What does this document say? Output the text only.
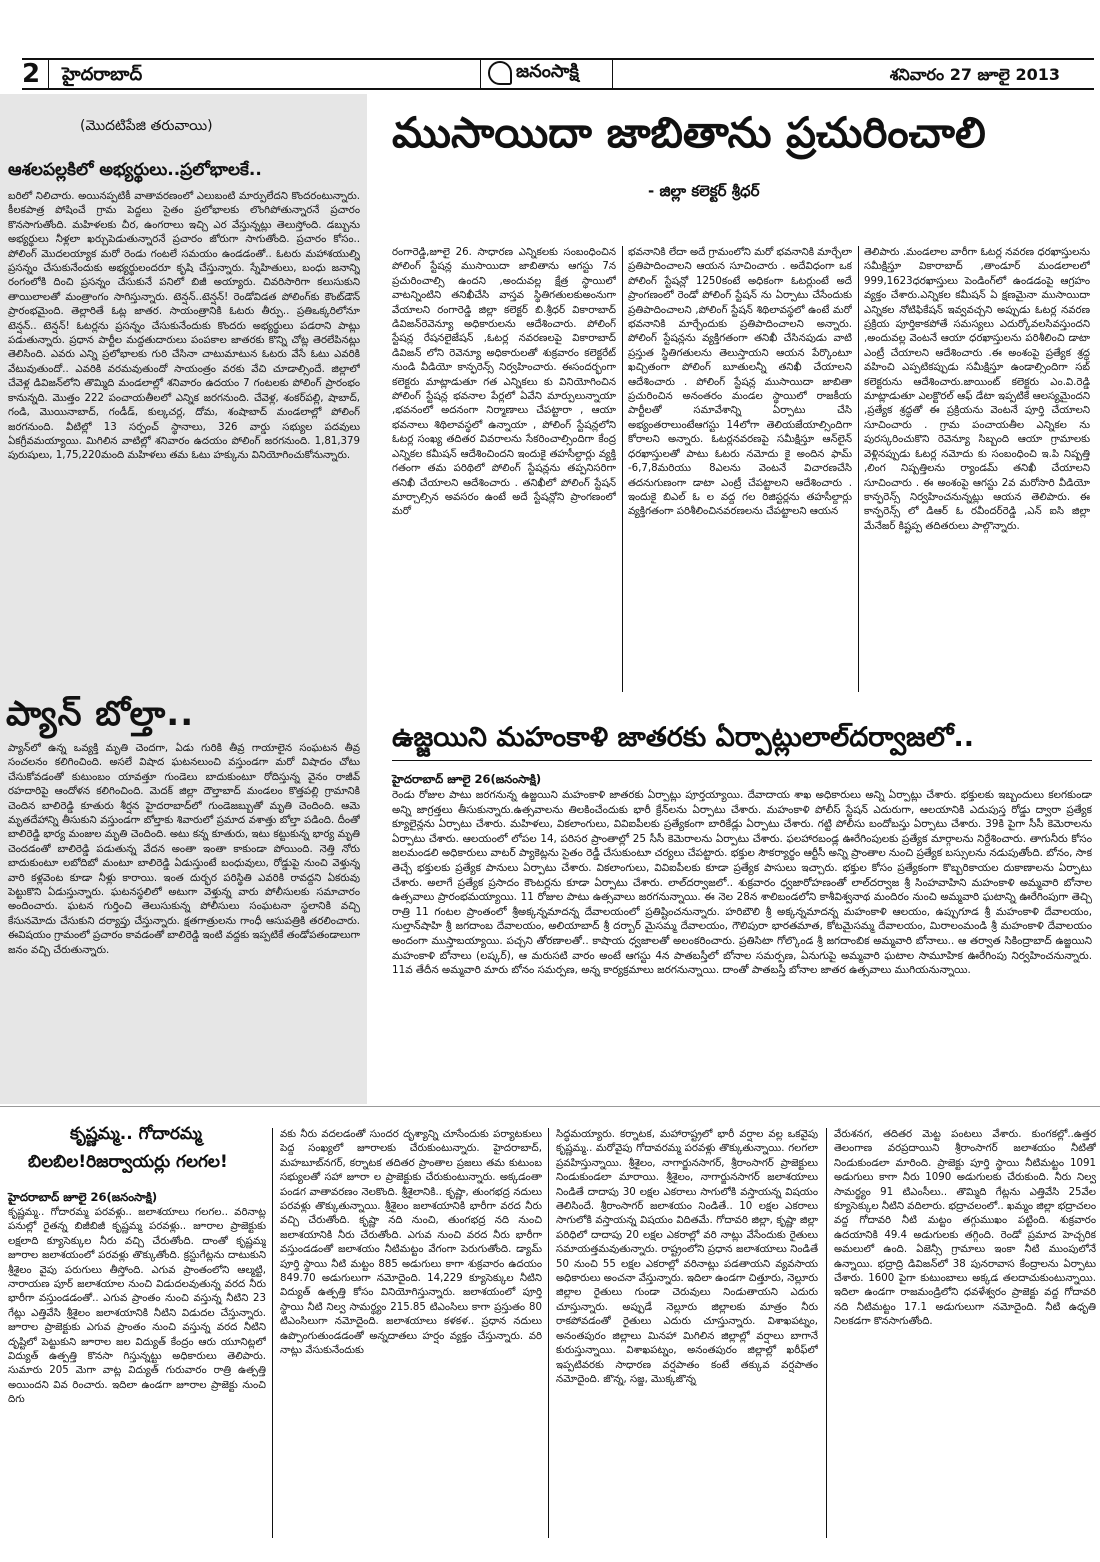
2	హైదరాబాద్	జనంసాక్షి	శనివారం 27 జూలై 2013
(మొదటిపేజి తరువాయి)
ఆశలపల్లకిలో అభ్యర్థులు..ప్రలోభాలకే..
బరిలో నిలిచారు. అయినప్పటికీ వాతావరణంలో ఎలుబంటి మార్పులేదని కొందరంటున్నారు. కీలకపాత్ర పోషించే గ్రామ పెద్దలు సైతం ప్రలోభాలకు లొంగిపోతున్నారనే ప్రచారం కొనసాగుతోంది. మహిళలకు చీర, ఉంగరాలు ఇచ్చి ఎర వేస్తున్నట్లు తెలుస్తోంది. డబ్బును అభ్యర్థులు నీళ్లలా ఖర్చుపెడుతున్నారనే ప్రచారం జోరుగా సాగుతోంది. ప్రచారం కోసం.. పోలింగ్ మొదలయ్యాక మరో రెండు గంటలే సమయం ఉండడంతో.. ఓటరు మహాశయుల్ని ప్రసన్నం చేసుకునేందుకు అభ్యర్థులందరూ కృషి చేస్తున్నారు. స్నేహితులు, బంధు జనాన్ని రంగంలోకి దించి ప్రసన్నం చేసుకునే పనిలో బిజీ అయ్యారు. చివరిసారిగా కలుసుకుని తాయిలాలతో మంత్రాంగం సాగిస్తున్నారు. టెన్షన్..టెన్షన్! రెండోవిడత పోలింగ్‌కు కౌంట్‌డౌన్ ప్రారంభమైంది. తెల్లారితే ఓట్ల జాతర. సాయంత్రానికి ఓటరు తీర్పు.. ప్రతిఒక్కరిలోనూ టెన్షన్.. టెన్షన్! ఓటర్లను ప్రసన్నం చేసుకునేందుకు కొందరు అభ్యర్థులు పడరాని పాట్లు పడుతున్నారు. ప్రధాన పార్టీల మద్దతుదారులు పంపకాల జాతరకు కొన్ని చోట్ల తెరలేపినట్లు తెలిసింది. ఎవరు ఎన్ని ప్రలోభాలకు గురి చేసినా చాటుమాటున ఓటరు వేసే ఓటు ఎవరికి వేటువుతుందో.. ఎవరికి వరమవుతుందో సాయంత్రం వరకు వేచి చూడాల్సిందే. జిల్లాలో చేవెళ్ల డివిజన్‌లోని తొమ్మిది మండలాల్లో శనివారం ఉదయం 7 గంటలకు పోలింగ్ ప్రారంభం కానున్నది. మొత్తం 222 పంచాయతీలలో ఎన్నిక జరగనుంది. చేవెళ్ల, శంకర్‌పల్లి, షాబాద్, గండి, మొయినాబాద్, గండీడ్, కుల్కచర్ల, దోమ, శంషాబాద్ మండలాల్లో పోలింగ్ జరగనుంది. వీటిల్లో 13 సర్పంచ్ స్థానాలు, 326 వార్డు సభ్యుల పదవులు ఏకగ్రీవమయ్యాయి. మిగిలిన వాటిల్లో శనివారం ఉదయం పోలింగ్ జరగనుంది. 1,81,379 పురుషులు, 1,75,220మంది మహిళలు తమ ఓటు హక్కును వినియోగించుకోనున్నారు.
ప్యాన్ బోల్తా..
ప్యాన్‌లో ఉన్న ఒవ్యక్తి మృతి చెందగా, ఏడు గురికి తీవ్ర గాయాలైన సంఘటన తీవ్ర సంచలనం కలిగించింది. అసలే విషాద ఘటనలుంచి వస్తుండగా మరో విషాదం చోటు చేసుకోవడంతో కుటుంబం యావత్తూ గుండెలు బాదుకుంటూ రోదిస్తున్న వైనం రాజీవ్ రహదారిపై ఆందోళన కలిగించింది. మెదక్ జిల్లా దౌల్తాబాద్ మండలం కొత్తపల్లి గ్రామానికి చెందిన బాలిరెడ్డి కూతురు శీర్షన హైదరాబాద్‌లో గుండెజబ్బుతో మృతి చెందింది. ఆమె మృతదేహాన్ని తీసుకుని వస్తుండగా బోల్తాకు శివారులో ప్రమాద వశాత్తు బోల్తా పడింది. దీంతో బాలిరెడ్డి భార్య మంజుల మృతి చెందింది. అటు కన్న కూతురు, ఇటు కట్టుకున్న భార్య మృతి చెందడంతో బాలిరెడ్డి పడుతున్న వేదన అంతా ఇంతా కాకుండా పోయింది. నెత్తి నోరు బాదుకుంటూ లబోదిబో మంటూ బాలిరెడ్డి ఏడుస్తుంటే బంధువులు, రోడ్డుపై నుంచి వెళ్తున్న వారి కళ్లవెంట కూడా నీళ్లు కారాయి. ఇంత దుర్భర పరిస్థితి ఎవరికి రావద్దని ఏకరువు పెట్టుకొని ఏడుస్తున్నారు. ఘటనస్థలిలో అటుగా వెళ్తున్న వారు పోలీసులకు సమాచారం అందించారు. ఘటన గుర్తించి తెలుసుకున్న పోలీసులు సంఘటనా స్థలానికి వచ్చి కేసునమోదు చేసుకుని దర్యాప్తు చేస్తున్నారు. క్షతగాత్రులను గాంధీ ఆసుపత్రికి తరలించారు. ఈవిషయం గ్రామంలో ప్రచారం కావడంతో బాలిరెడ్డి ఇంటి వద్దకు ఇప్పటికే తండోపతండాలుగా జనం వచ్చి చేరుతున్నారు.
ముసాయిదా జాబితాను ప్రచురించాలి
- జిల్లా కలెక్టర్ శ్రీధర్
రంగారెడ్డి,జూలై 26. సాధారణ ఎన్నికలకు సంబంధించిన పోలింగ్ స్టేషన్ల ముసాయిదా జాబితాను ఆగస్టు 7న ప్రచురించాల్సి ఉందని ,అందువల్ల క్షేత్ర స్థాయిలో వాటన్నింటిని తనిఖీచేసి వాస్తవ స్థితిగతులకుఅంనుగా వేయాలని రంగారెడ్డి జిల్లా కలెక్టర్ బి.శ్రీధర్ వికారాబాద్ డివిజన్‌రెవెన్యూ అధికారులను ఆదేశించారు. పోలింగ్ స్టేషన్ల రేషనలైజేషన్ ,ఓటర్ల నవరణలపై వికారాబాద్ డివిజన్ లోని రెవెన్యూ అధికారులతో శుక్రవారం కలెక్టరేట్ నుండి వీడియో కాన్ఫరెన్స్ నిర్వహించారు. ఈసందర్భంగా కలెక్టరు మాట్లాడుతూ గత ఎన్నికలు కు వినియోగించిన పోలింగ్ స్టేషన్ల భవనాల పేర్లలో ఏవేని మార్పులున్నాయా ,భవనంలో అదనంగా నిర్మాణాలు చేపట్టారా , ఆయా భవనాలు శిథిలావస్థలో ఉన్నాయా , పోలింగ్ స్టేషన్లలోని ఓటర్ల సంఖ్య తదితర వివరాలను సేకరించాల్సిందిగా కేంద్ర ఎన్నికల కమీషన్ ఆదేశించిందని ఇందుకై తహసీల్దార్లు వ్యక్తి గతంగా తమ పరిథిలో పోలింగ్ స్టేషన్లను తప్పనిసరిగా తనిఖీ చేయాలని ఆదేశించారు . తనిఖీలో పోలింగ్ స్టేషన్ మార్చాల్సిన అవసరం ఉంటే అదే స్టేషన్లోని ప్రాంగణంలో మరో
భవనానికి లేదా అదే గ్రామంలోని మరో భవనానికి మార్చేలా ప్రతిపాదించాలని ఆయన సూచించారు . అదేవిధంగా ఒక పోలింగ్ స్టేషన్లో 1250కంటే అధికంగా ఓటర్లుంటే అదే ప్రాంగణంలో రెండో పోలింగ్ స్టేషన్ ను ఏర్పాటు చేసేందుకు ప్రతిపాదించాలని ,పోలింగ్ స్టేషన్ శిథిలావస్థలో ఉంటే మరో భవనానికి మార్చేందుకు ప్రతిపాదించాలని అన్నారు. పోలింగ్ స్టేషన్లను వ్యక్తిగతంగా తనిఖీ చేసినపుడు వాటి ప్రస్తుత స్థితిగతులను తెలుస్తాయని ఆయన పేర్కొంటూ ఖచ్చితంగా పోలింగ్ బూతులన్నీ తనిఖీ చేయాలని ఆదేశించారు . పోలింగ్ స్టేషన్ల ముసాయిదా జాబితా ప్రచురించిన అనంతరం మండల స్థాయిలో రాజకీయ పార్టీలతో సమావేశాన్ని ఏర్పాటు చేసి అభ్యంతరాలుంటేఆగస్టు 14లోగా తెలియజేయాల్సిందిగా కోరాలని అన్నారు. ఓటర్లనవరణపై సమీక్షిస్తూ ఆన్‌లైన్ ధరఖాస్తులతో పాటు ఓటరు నమోదు కై అందిన ఫామ్ -6,7,8మరియు 8ఎలను వెంటనే విచారణచేసి తదనుగుణంగా డాటా ఎంట్రీ చేపట్టాలని ఆదేశించారు . ఇందుకై బిఎల్ ఓ ల వద్ద గల రిజిస్టర్లను తహసీల్దార్లు వ్యక్తిగతంగా పరిశీలించినవరణలను చేపట్టాలని ఆయన
తెలిపారు .మండలాల వారీగా ఓటర్ల నవరణ ధరఖాస్తులను సమీక్షిస్తూ వికారాబాద్ ,తాండూర్ మండలాలలో 999,1623ధరఖాస్తులు పెండింగ్‌లో ఉండడంపై ఆగ్రహం వ్యక్తం చేశారు.ఎన్నికల కమీషన్ ఏ క్షణమైనా ముసాయిదా ఎన్నికల నోటిఫికేషన్ ఇవ్వవచ్చని అప్పుడు ఓటర్ల నవరణ ప్రక్రియ పూర్తికాకపోతే సమస్యలు ఎదుర్కోవలసివస్తుందని ,అందువల్ల వెంటనే ఆయా ధరఖాస్తులను పరిశీలించి డాటా ఎంట్రీ చేయాలని ఆదేశించారు .ఈ అంశంపై ప్రత్యేక శ్రద్ధ వహించి ఎప్పటికప్పుడు సమీక్షిస్తూ ఉండాల్సిందిగా సబ్ కలెక్టరును ఆదేశించారు.జాయింట్ కలెక్టరు ఎం.వి.రెడ్డి మాట్లాడుతూ ఎలక్టొరల్ ఆఫ్ డేటా ఇప్పటికే ఆలస్యమైందని ,ప్రత్యేక శ్రద్ధతో ఈ ప్రక్రియను వెంటనే పూర్తి చేయాలని సూచించారు . గ్రామ పంచాయతీల ఎన్నికల ను పురస్కరించుకొని రెవెన్యూ సిబ్బంది ఆయా గ్రామాలకు వెళ్లినప్పుడు ఓటర్ల నమోదు కు సంబంధించి ఇ.పి నిష్పత్తి ,లింగ నిష్పత్తిలను ర్యాండమ్ తనిఖీ చేయాలని సూచించారు . ఈ అంశంపై ఆగస్టు 2వ మరోసారి వీడియో కాన్ఫరెన్స్ నిర్వహించనున్నట్లు ఆయన తెలిపారు. ఈ కాన్ఫరెన్స్ లో డిఆర్ ఓ రవీందర్‌రెడ్డి ,ఎన్ ఐసి జిల్లా మేనేజర్ కిష్టప్ప తదితరులు పాల్గొన్నారు.
ఉజ్జయిని మహంకాళి జాతరకు ఏర్పాట్లులాల్‌దర్వాజలో..
హైదరాబాద్ జూలై 26(జనంసాక్షి)
రెండు రోజుల పాటు జరగనున్న ఉజ్జయిని మహంకాళి జాతరకు ఏర్పాట్లు పూర్తయ్యాయి. దేవాదాయ శాఖ అధికారులు అన్ని ఏర్పాట్లు చేశారు. భక్తులకు ఇబ్బందులు కలగకుండా అన్ని జాగ్రత్తలు తీసుకున్నారు.ఉత్సవాలను తిలకించేందుకు భారీ క్రేన్‌లను ఏర్పాటు చేశారు. మహంకాళి పోలీస్ స్టేషన్ ఎదురుగా, ఆలయానికి ఎదుపుస్త రోడ్డు ద్వారా ప్రత్యేక క్యూలైన్లను ఏర్పాటు చేశారు. మహిళలు, వికలాంగులు, వివిఐపీలకు ప్రత్యేకంగా బారికేడ్లు ఏర్పాటు చేశారు. గట్టి పోలీసు బందోబస్తు ఏర్పాటు చేశారు. 39కి పైగా సీసీ కెమెరాలను ఏర్పాటు చేశారు. ఆలయంలో లోపల 14, పరిసర ప్రాంతాల్లో 25 సీసీ కెమెరాలను ఏర్పాటు చేశారు. ఫలహారబండ్ల ఊరేగింపులకు ప్రత్యేక మార్గాలను నిర్దేశించారు. తాగునీరు కోసం జలమండలి అధికారులు వాటర్ ప్యాకెట్లను సైతం రెడ్డీ చేసుకుంటూ చర్యలు చేపట్టారు. భక్తుల సౌకర్యార్థం ఆర్టీసీ అన్ని ప్రాంతాల నుంచి ప్రత్యేక బస్సులను నడుపుతోంది. బోనం, సాక తెచ్చే భక్తులకు ప్రత్యేక పానులు ఏర్పాటు చేశారు. వికలాంగులు, వివిఐపీలకు కూడా ప్రత్యేక పాసులు ఇచ్చారు. భక్తుల కోసం ప్రత్యేకంగా కొబ్బరికాయల దుకాణాలను ఏర్పాటు చేశారు. అలాగే ప్రత్యేక ప్రసాదం కౌంటర్లను కూడా ఏర్పాటు చేశారు. లాల్‌దర్వాజలో.. శుక్రవారం ధ్వజారోహణంతో లాల్‌దర్వాజ శ్రీ సింహవాహిని మహంకాళి అమ్మవారి బోనాల ఉత్సవాలు ప్రారంభమయ్యాయి. 11 రోజుల పాటు ఉత్సవాలు జరగనున్నాయి. ఈ నెల 28న శాలిబండలోని కాశీవిశ్వనాథ మందిరం నుంచి అమ్మవారి ఘటాన్ని ఊరేగింపుగా తెచ్చి రాత్రి 11 గంటల ప్రాంతంలో శ్రీఅక్కన్నమాదన్న దేవాలయంలో ప్రతిష్టించనున్నారు. హరిబౌలి శ్రీ అక్కన్నమాదన్న మహంకాళి ఆలయం, ఉప్పుగూడ శ్రీ మహంకాళి దేవాలయం, సుల్తాన్‌షాహి శ్రీ జగదాంబ దేవాలయం, అలియాబాద్ శ్రీ దర్బార్ మైసమ్మ దేవాలయం, గౌలిపురా భారతమాత, కోటమైసమ్మ దేవాలయం, మిరాలంమండి శ్రీ మహంకాళి దేవాలయం అందంగా ముస్తాబయ్యాయి. పచ్చని తోరణాలతో.. కాషాయ ధ్వజాలతో అలంకరించారు. ప్రతిసిటా గోల్కొండ శ్రీ జగదాంబిక అమ్మవారి బోనాలు.. ఆ తర్వాత సికింద్రాబాద్ ఉజ్జయిని మహంకాళి బోనాలు (లష్కర్), ఆ మరుసటి వారం అంటే ఆగస్టు 4న పాతబస్తీలో బోనాల సమర్పణ, ఏనుగుపై అమ్మవారి ఘటాల సామూహిక ఊరేగింపు నిర్వహించనున్నారు. 11వ తేదీన అమ్మవారి మారు బోనం సమర్పణ, అన్న కార్యక్రమాలు జరగనున్నాయి. దాంతో పాతబస్తీ బోనాల జాతర ఉత్సవాలు ముగియనున్నాయి.
కృష్ణమ్మ.. గోదారమ్మ
బిలబిల!రిజర్వాయర్లు గలగల!
హైదరాబాద్ జూలై 26(జనంసాక్షి)
కృష్ణమ్మ.. గోదారమ్మ పరవళ్లు.. జలాశయాలు గలగల.. వరినాట్ల పనుల్లో రైతన్న బిజీబిజీ కృష్ణమ్మ పరవళ్లు.. జూరాల ప్రాజెక్టుకు లక్షలాది క్యూసెక్కుల నీరు వచ్చి చేరుతోంది. దాంతో కృష్ణమ్మ జూరాల జలాశయంలో పరవళ్లు తొక్కుతోంది. క్రస్టుగేట్లను దాటుకుని శ్రీశైలం వైపు పరుగులు తీస్తోంది. ఎగువ ప్రాంతంలోని ఆల్మట్టి, నారాయణ పూర్ జలాశయాల నుంచి విడుదలవుతున్న వరద నీరు భారీగా వస్తుండడంతో.. ఎగువ ప్రాంతం నుంచి వస్తున్న నీటిని 23 గేట్లు ఎత్తివేసి శ్రీశైలం జలాశయానికి నీటిని విడుదల చేస్తున్నారు. జూరాల ప్రాజెక్టుకు ఎగువ ప్రాంతం నుంచి వస్తున్న వరద నీటిని దృష్టిలో పెట్టుకుని జూరాల జల విద్యుత్ కేంద్రం ఆరు యూనిట్లలో విద్యుత్ ఉత్పత్తి కొనసా గిస్తున్నట్టు అధికారులు తెలిపారు. సుమారు 205 మెగా వాట్ల విద్యుత్ గురువారం రాత్రి ఉత్పత్తి అయిందని వివ రించారు. ఇదిలా ఉండగా జూరాల ప్రాజెక్టు నుంచి దిగు
వకు నీరు వదలడంతో సుందర దృశ్యాన్ని చూసేందుకు పర్యాటకులు పెద్ద సంఖ్యలో జూరాలకు చేరుకుంటున్నారు. హైదరాబాద్, మహబూబ్‌నగర్, కర్నాటక తదితర ప్రాంతాల ప్రజలు తమ కుటుంబ సభ్యులతో సహా జూరా ల ప్రాజెక్టుకు చేరుకుంటున్నారు. అక్కడంతా పండగ వాతావరణం నెలకొంది. శ్రీశైలానికి.. కృష్ణా, తుంగభద్ర నదులు పరవళ్లు తొక్కుతున్నాయి. శ్రీశైలం జలాశయానికి భారీగా వరద నీరు వచ్చి చేరుతోంది. కృష్ణా నది నుంచి, తుంగభద్ర నది నుంచి జలాశయానికి నీరు చేరుతోంది. ఎగువ నుంచి వరద నీరు భారీగా వస్తుండడంతో జలాశయం నీటిమట్టం వేగంగా పెరుగుతోంది. డ్యామ్ పూర్తి స్థాయి నీటి మట్టం 885 అడుగులు కాగా శుక్రవారం ఉదయం 849.70 అడుగులుగా నమోదైంది. 14,229 క్యూసెక్కుల నీటిని విద్యుత్ ఉత్పత్తి కోసం వినియోగిస్తున్నారు. జలాశయంలో పూర్తి స్థాయి నీటి నిల్వ సామర్థ్యం 215.85 టిఎంసిలు కాగా ప్రస్తుతం 80 టిఎంసిలుగా నమోదైంది. జలాశయాలు కళకళ.. ప్రధాన నదులు ఉప్పొంగుతుండడంతో అన్నదాతలు హర్షం వ్యక్తం చేస్తున్నారు. వరి నాట్లు వేసుకునేందుకు
సిద్ధమయ్యారు. కర్నాటక, మహారాష్ట్రలో భారీ వర్షాల వల్ల ఒకవైపు కృష్ణమ్మ.. మరోవైపు గోదావరమ్మ పరవళ్లు తొక్కుతున్నాయి. గలగలా ప్రవహిస్తున్నాయి. శ్రీశైలం, నాగార్జునసాగర్, శ్రీరాంసాగర్ ప్రాజెక్టులు నిండుకుండలా మారాయి. శ్రీశైలం, నాగార్జునసాగర్ జలాశయాలు నిండితే దాదాపు 30 లక్షల ఎకరాలు సాగులోకి వస్తాయన్న విషయం తెలిసిందే. శ్రీరాంసాగర్ జలాశయం నిండితే.. 10 లక్షల ఎకరాలు సాగులోకి వస్తాయన్న విషయం విదితమే. గోదావరి జిల్లా, కృష్ణా జిల్లా పరిధిలో దాదాపు 20 లక్షల ఎకరాల్లో వరి నాట్లు వేసేందుకు రైతులు సమాయత్తమవుతున్నారు. రాష్ట్రంలోని ప్రధాన జలాశయాలు నిండితే 50 నుంచి 55 లక్షల ఎకరాల్లో వరినాట్లు పడతాయని వ్యవసాయ అధికారులు అంచనా వేస్తున్నారు. ఇదిలా ఉండగా చిత్తూరు, నెల్లూరు జిల్లాల రైతులు గుండా చెరువులు నిండుతాయని ఎదురు చూస్తున్నారు. అప్పుడే నెల్లూరు జిల్లాలకు మాత్రం నీరు రాకపోవడంతో రైతులు ఎదురు చూస్తున్నారు. విశాఖపట్నం, అనంతపురం జిల్లాలు మినహా మిగిలిన జిల్లాల్లో వర్షాలు బాగానే కురుస్తున్నాయి. విశాఖపట్నం, అనంతపురం జిల్లాల్లో ఖరీఫ్‌లో ఇప్పటివరకు సాధారణ వర్షపాతం కంటే తక్కువ వర్షపాతం నమోదైంది. జొన్న, సజ్జ, మొక్కజొన్న
వేరుశనగ, తదితర మెట్ట పంటలు వేశారు. కుంగకల్లో..ఉత్తర తెలంగాణ వరప్రదాయిని శ్రీరాంసాగర్ జలాశయం నీటితో నిండుకుండలా మారింది. ప్రాజెక్టు పూర్తి స్థాయి నీటిమట్టం 1091 అడుగులు కాగా నీరు 1090 అడుగులకు చేరుకుంది. నీరు నిల్వ సామర్థ్యం 91 టిఎంసీలు.. తొమ్మిది గేట్లను ఎత్తివేసి 25వేల క్యూసెక్కుల నీటిని వదిలారు. భద్రాచలంలో.. ఖమ్మం జిల్లా భద్రాచలం వద్ద గోదావరి నీటి మట్టం తగ్గుముఖం పట్టింది. శుక్రవారం ఉదయానికి 49.4 అడుగులకు తగ్గింది. రెండో ప్రమాద హెచ్చరిక అమలులో ఉంది. ఏజెన్సీ గ్రామాలు ఇంకా నీటి ముంపులోనే ఉన్నాయి. భద్రాద్రి డివిజన్‌లో 38 పునరావాస కేంద్రాలను ఏర్పాటు చేశారు. 1600 పైగా కుటుంబాలు అక్కడ తలదాచుకుంటున్నాయి. ఇదిలా ఉండగా రాజమండ్రిలోని ధవళేశ్వరం ప్రాజెక్టు వద్ద గోదావరి నది నీటిమట్టం 17.1 అడుగులుగా నమోదైంది. నీటి ఉధృతి నిలకడగా కొనసాగుతోంది.
